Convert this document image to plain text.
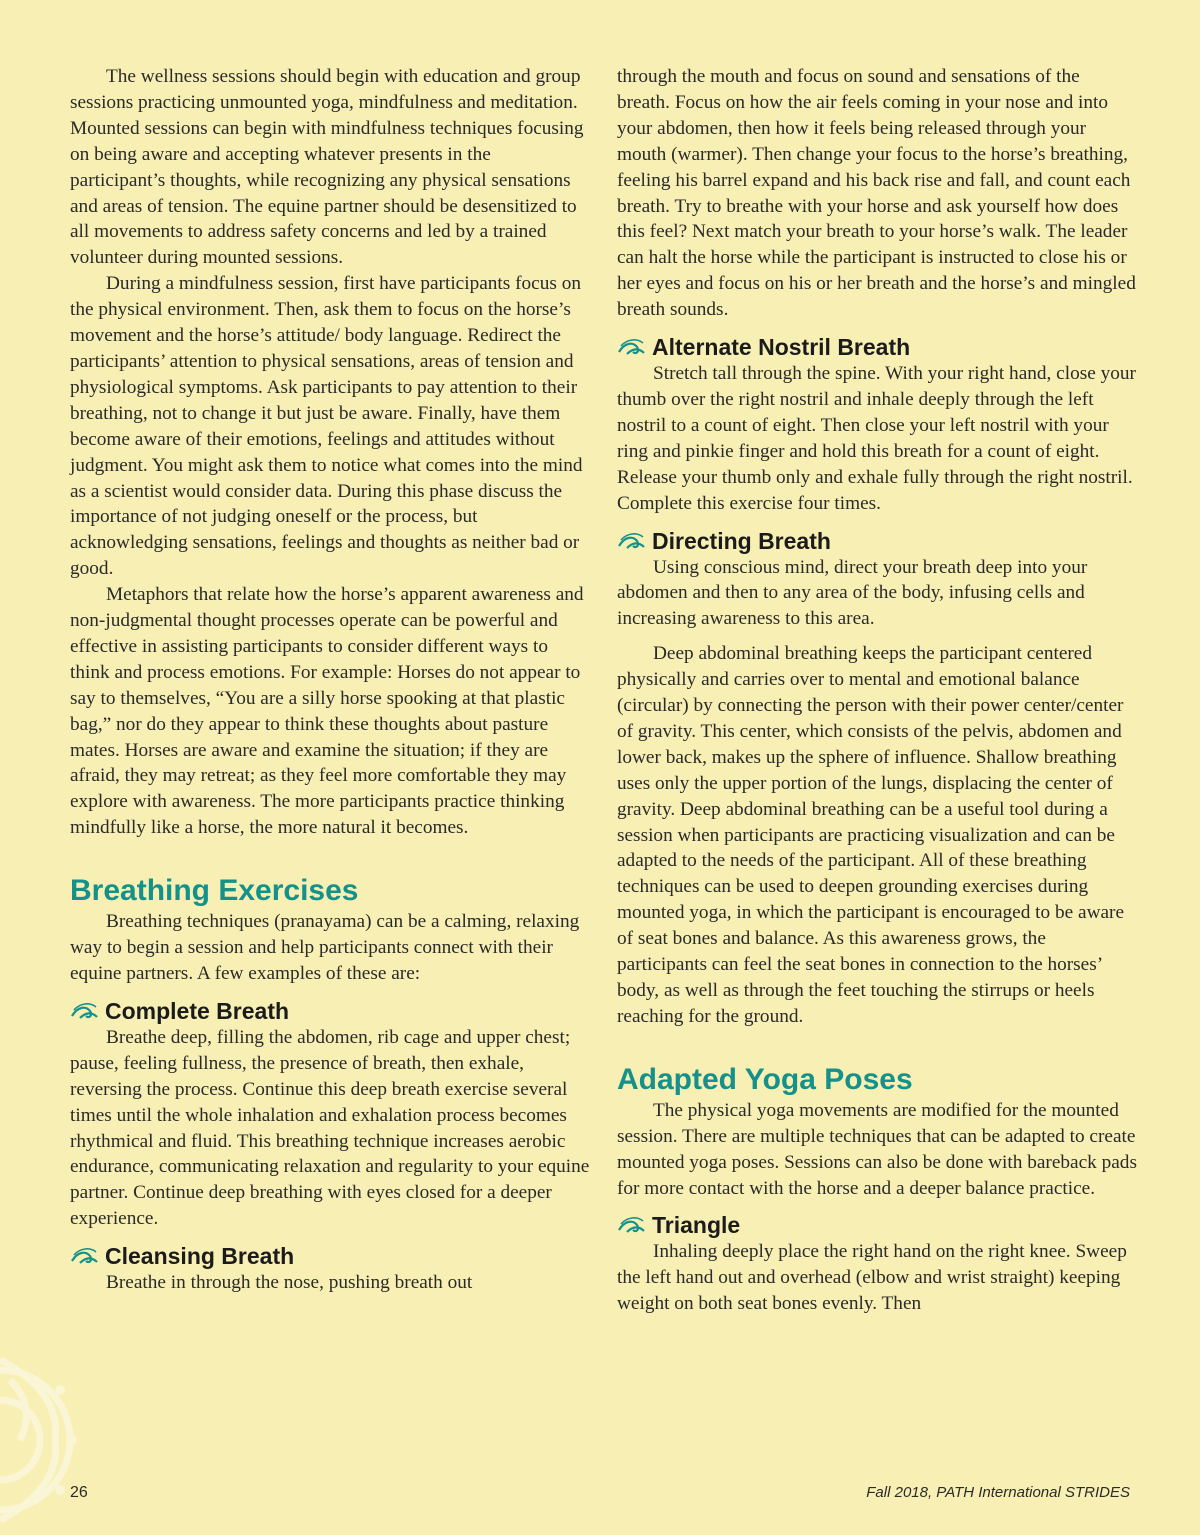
The wellness sessions should begin with education and group sessions practicing unmounted yoga, mindfulness and meditation. Mounted sessions can begin with mindfulness techniques focusing on being aware and accepting whatever presents in the participant’s thoughts, while recognizing any physical sensations and areas of tension. The equine partner should be desensitized to all movements to address safety concerns and led by a trained volunteer during mounted sessions.

During a mindfulness session, first have participants focus on the physical environment. Then, ask them to focus on the horse’s movement and the horse’s attitude/ body language. Redirect the participants’ attention to physical sensations, areas of tension and physiological symptoms. Ask participants to pay attention to their breathing, not to change it but just be aware. Finally, have them become aware of their emotions, feelings and attitudes without judgment. You might ask them to notice what comes into the mind as a scientist would consider data. During this phase discuss the importance of not judging oneself or the process, but acknowledging sensations, feelings and thoughts as neither bad or good.

Metaphors that relate how the horse’s apparent awareness and non-judgmental thought processes operate can be powerful and effective in assisting participants to consider different ways to think and process emotions. For example: Horses do not appear to say to themselves, “You are a silly horse spooking at that plastic bag,” nor do they appear to think these thoughts about pasture mates. Horses are aware and examine the situation; if they are afraid, they may retreat; as they feel more comfortable they may explore with awareness. The more participants practice thinking mindfully like a horse, the more natural it becomes.

Breathing Exercises

Breathing techniques (pranayama) can be a calming, relaxing way to begin a session and help participants connect with their equine partners. A few examples of these are:

Complete Breath

Breathe deep, filling the abdomen, rib cage and upper chest; pause, feeling fullness, the presence of breath, then exhale, reversing the process. Continue this deep breath exercise several times until the whole inhalation and exhalation process becomes rhythmical and fluid. This breathing technique increases aerobic endurance, communicating relaxation and regularity to your equine partner. Continue deep breathing with eyes closed for a deeper experience.

Cleansing Breath

Breathe in through the nose, pushing breath out

through the mouth and focus on sound and sensations of the breath. Focus on how the air feels coming in your nose and into your abdomen, then how it feels being released through your mouth (warmer). Then change your focus to the horse’s breathing, feeling his barrel expand and his back rise and fall, and count each breath. Try to breathe with your horse and ask yourself how does this feel? Next match your breath to your horse’s walk. The leader can halt the horse while the participant is instructed to close his or her eyes and focus on his or her breath and the horse’s and mingled breath sounds.

Alternate Nostril Breath

Stretch tall through the spine. With your right hand, close your thumb over the right nostril and inhale deeply through the left nostril to a count of eight. Then close your left nostril with your ring and pinkie finger and hold this breath for a count of eight. Release your thumb only and exhale fully through the right nostril. Complete this exercise four times.

Directing Breath

Using conscious mind, direct your breath deep into your abdomen and then to any area of the body, infusing cells and increasing awareness to this area.

Deep abdominal breathing keeps the participant centered physically and carries over to mental and emotional balance (circular) by connecting the person with their power center/center of gravity. This center, which consists of the pelvis, abdomen and lower back, makes up the sphere of influence. Shallow breathing uses only the upper portion of the lungs, displacing the center of gravity. Deep abdominal breathing can be a useful tool during a session when participants are practicing visualization and can be adapted to the needs of the participant. All of these breathing techniques can be used to deepen grounding exercises during mounted yoga, in which the participant is encouraged to be aware of seat bones and balance. As this awareness grows, the participants can feel the seat bones in connection to the horses’ body, as well as through the feet touching the stirrups or heels reaching for the ground.

Adapted Yoga Poses

The physical yoga movements are modified for the mounted session. There are multiple techniques that can be adapted to create mounted yoga poses. Sessions can also be done with bareback pads for more contact with the horse and a deeper balance practice.

Triangle

Inhaling deeply place the right hand on the right knee. Sweep the left hand out and overhead (elbow and wrist straight) keeping weight on both seat bones evenly. Then

26	Fall 2018, PATH International STRIDES
